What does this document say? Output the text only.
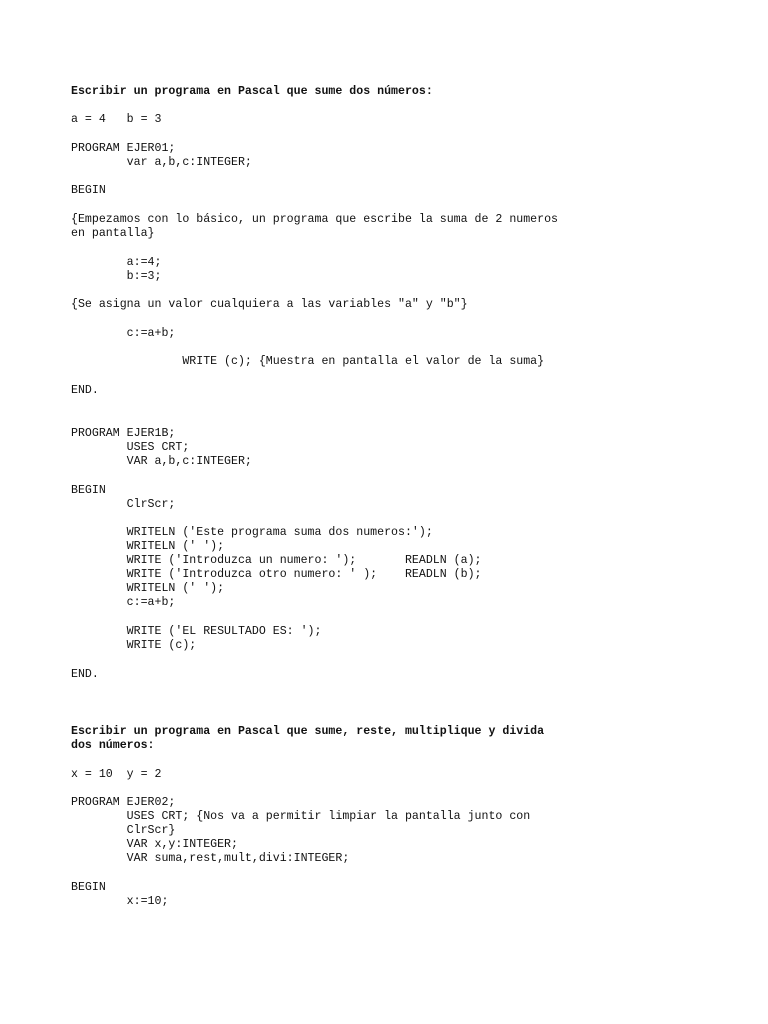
Escribir un programa en Pascal que sume dos números:

a = 4   b = 3

PROGRAM EJER01;

var a,b,c:INTEGER;

BEGIN

{Empezamos con lo básico, un programa que escribe la suma de 2 numeros

en pantalla}

a:=4;

b:=3;

{Se asigna un valor cualquiera a las variables "a" y "b"}

c:=a+b;

WRITE (c); {Muestra en pantalla el valor de la suma}

END.

PROGRAM EJER1B;

USES CRT;

VAR a,b,c:INTEGER;

BEGIN

ClrScr;

WRITELN ('Este programa suma dos numeros:');

WRITELN (' ');

WRITE ('Introduzca un numero: ');       READLN (a);

WRITE ('Introduzca otro numero: ' );    READLN (b);

WRITELN (' ');

c:=a+b;

WRITE ('EL RESULTADO ES: ');

WRITE (c);

END.

Escribir un programa en Pascal que sume, reste, multiplique y divida

dos números:

x = 10  y = 2

PROGRAM EJER02;

USES CRT; {Nos va a permitir limpiar la pantalla junto con

ClrScr}

VAR x,y:INTEGER;

VAR suma,rest,mult,divi:INTEGER;

BEGIN

x:=10;
